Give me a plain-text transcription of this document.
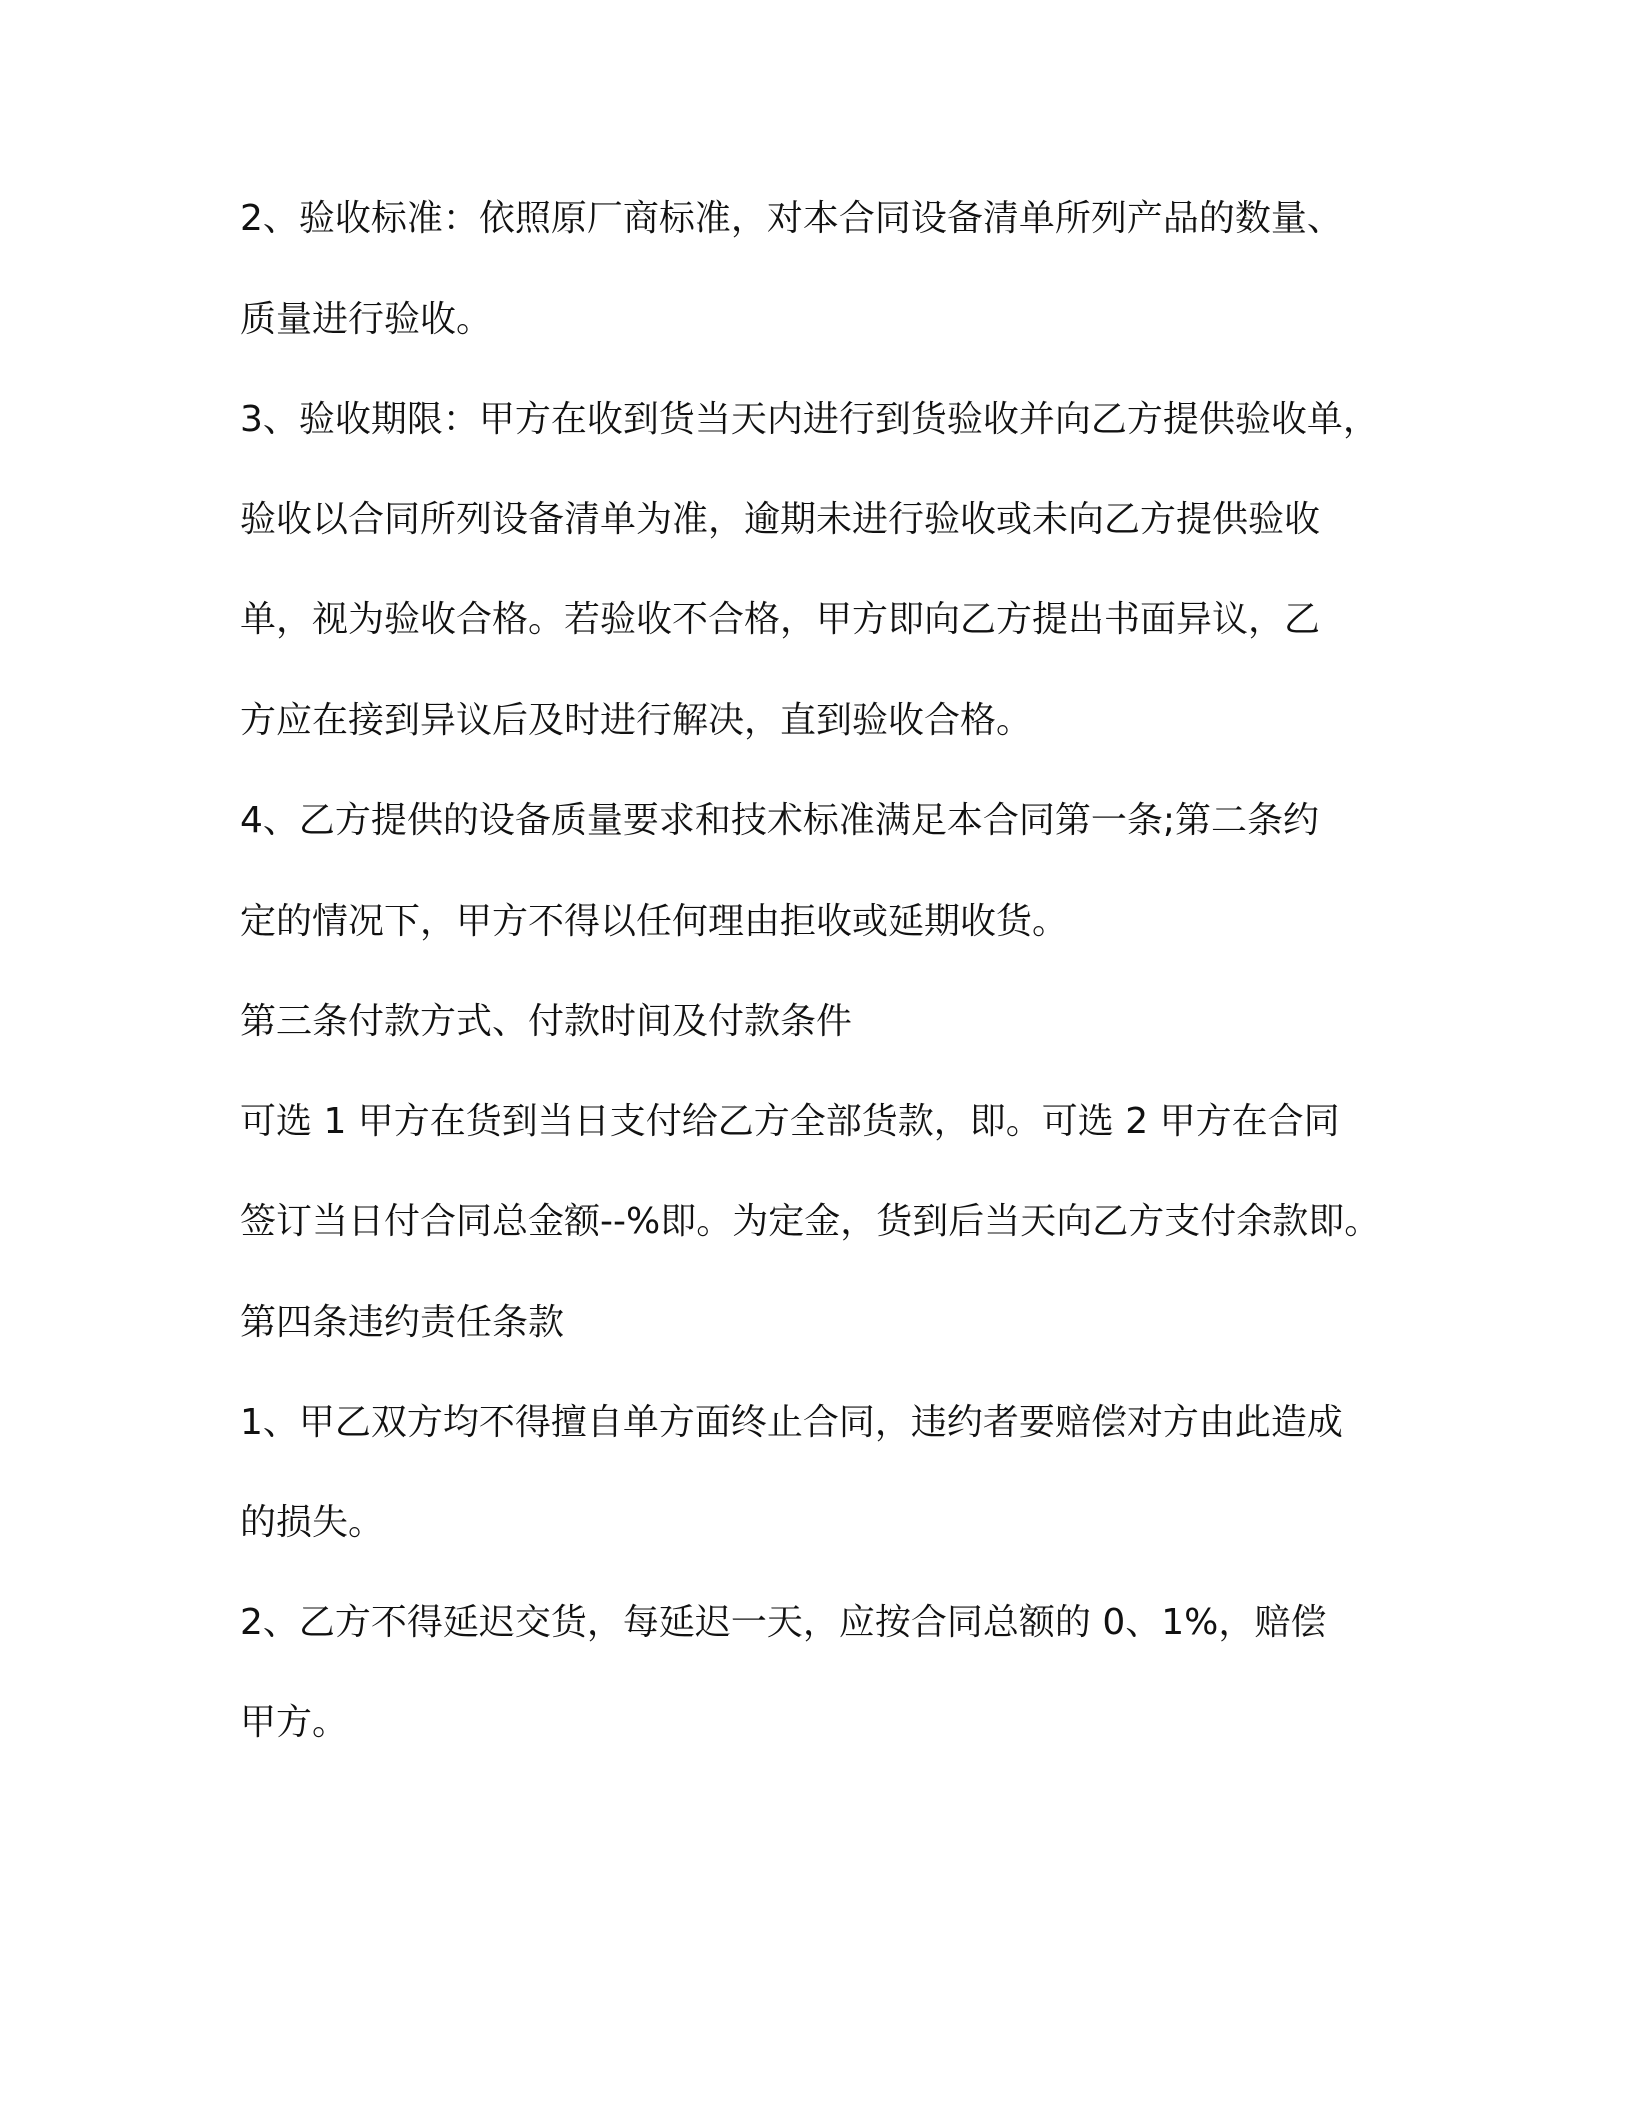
2、验收标准：依照原厂商标准，对本合同设备清单所列产品的数量、

质量进行验收。

3、验收期限：甲方在收到货当天内进行到货验收并向乙方提供验收单，

验收以合同所列设备清单为准，逾期未进行验收或未向乙方提供验收

单，视为验收合格。若验收不合格，甲方即向乙方提出书面异议，乙

方应在接到异议后及时进行解决，直到验收合格。

4、乙方提供的设备质量要求和技术标准满足本合同第一条;第二条约

定的情况下，甲方不得以任何理由拒收或延期收货。

第三条付款方式、付款时间及付款条件

可选 1 甲方在货到当日支付给乙方全部货款，即。可选 2 甲方在合同

签订当日付合同总金额--%即。为定金，货到后当天向乙方支付余款即。

第四条违约责任条款

1、甲乙双方均不得擅自单方面终止合同，违约者要赔偿对方由此造成

的损失。

2、乙方不得延迟交货，每延迟一天，应按合同总额的 0、1%，赔偿

甲方。
